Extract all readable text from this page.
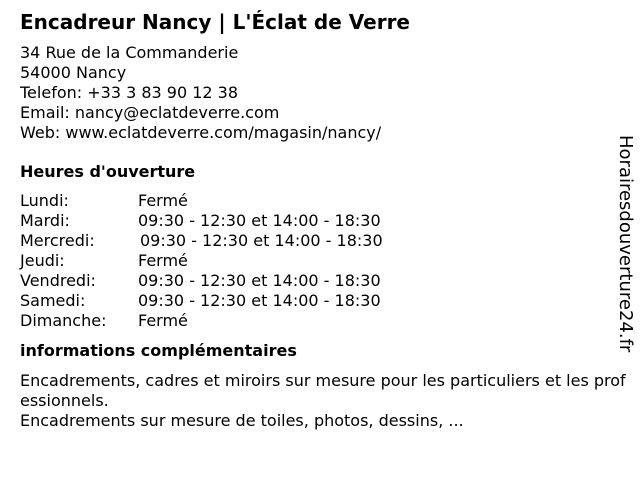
Encadreur Nancy | L'Éclat de Verre
34 Rue de la Commanderie
54000 Nancy
Telefon: +33 3 83 90 12 38
Email: nancy@eclatdeverre.com
Web: www.eclatdeverre.com/magasin/nancy/
Heures d'ouverture
Lundi:	Fermé
Mardi:	09:30 - 12:30 et 14:00 - 18:30
Mercredi:	09:30 - 12:30 et 14:00 - 18:30
Jeudi:	Fermé
Vendredi:	09:30 - 12:30 et 14:00 - 18:30
Samedi:	09:30 - 12:30 et 14:00 - 18:30
Dimanche: Fermé
informations complémentaires
Encadrements, cadres et miroirs sur mesure pour les particuliers et les professionnels.
Encadrements sur mesure de toiles, photos, dessins, ...
Horairesdouverture24.fr
